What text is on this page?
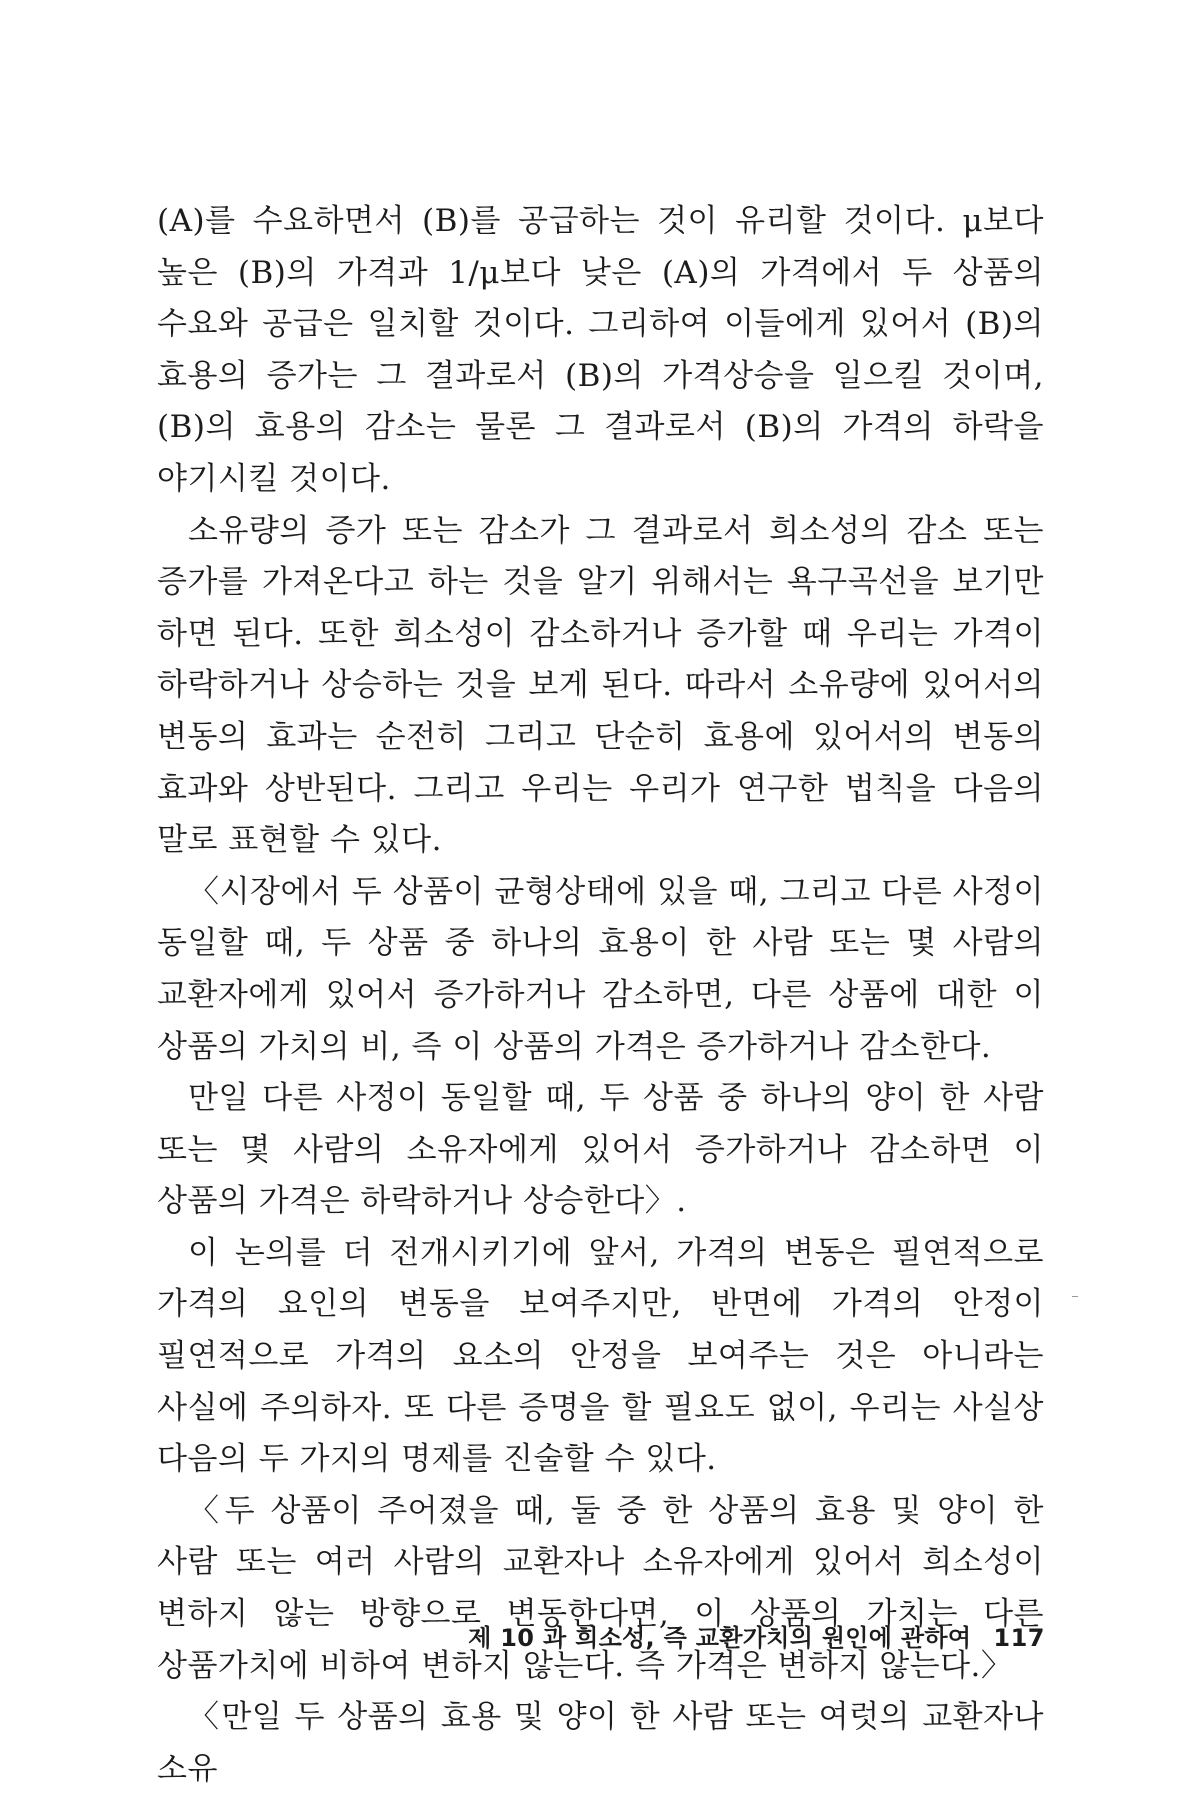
(A)를 수요하면서 (B)를 공급하는 것이 유리할 것이다. μ보다 높은 (B)의 가격과 1/μ보다 낮은 (A)의 가격에서 두 상품의 수요와 공급은 일치할 것이다. 그리하여 이들에게 있어서 (B)의 효용의 증가는 그 결과로서 (B)의 가격상승을 일으킬 것이며, (B)의 효용의 감소는 물론 그 결과로서 (B)의 가격의 하락을 야기시킬 것이다.

소유량의 증가 또는 감소가 그 결과로서 희소성의 감소 또는 증가를 가져온다고 하는 것을 알기 위해서는 욕구곡선을 보기만 하면 된다. 또한 희소성이 감소하거나 증가할 때 우리는 가격이 하락하거나 상승하는 것을 보게 된다. 따라서 소유량에 있어서의 변동의 효과는 순전히 그리고 단순히 효용에 있어서의 변동의 효과와 상반된다. 그리고 우리는 우리가 연구한 법칙을 다음의 말로 표현할 수 있다.

〈시장에서 두 상품이 균형상태에 있을 때, 그리고 다른 사정이 동일할 때, 두 상품 중 하나의 효용이 한 사람 또는 몇 사람의 교환자에게 있어서 증가하거나 감소하면, 다른 상품에 대한 이 상품의 가치의 비, 즉 이 상품의 가격은 증가하거나 감소한다.

만일 다른 사정이 동일할 때, 두 상품 중 하나의 양이 한 사람 또는 몇 사람의 소유자에게 있어서 증가하거나 감소하면 이 상품의 가격은 하락하거나 상승한다〉.

이 논의를 더 전개시키기에 앞서, 가격의 변동은 필연적으로 가격의 요인의 변동을 보여주지만, 반면에 가격의 안정이 필연적으로 가격의 요소의 안정을 보여주는 것은 아니라는 사실에 주의하자. 또 다른 증명을 할 필요도 없이, 우리는 사실상 다음의 두 가지의 명제를 진술할 수 있다.

〈두 상품이 주어졌을 때, 둘 중 한 상품의 효용 및 양이 한 사람 또는 여러 사람의 교환자나 소유자에게 있어서 희소성이 변하지 않는 방향으로 변동한다면, 이 상품의 가치는 다른 상품가치에 비하여 변하지 않는다. 즉 가격은 변하지 않는다.〉

〈만일 두 상품의 효용 및 양이 한 사람 또는 여럿의 교환자나 소유

제 10 과 희소성, 즉 교환가치의 원인에 관하여 117
